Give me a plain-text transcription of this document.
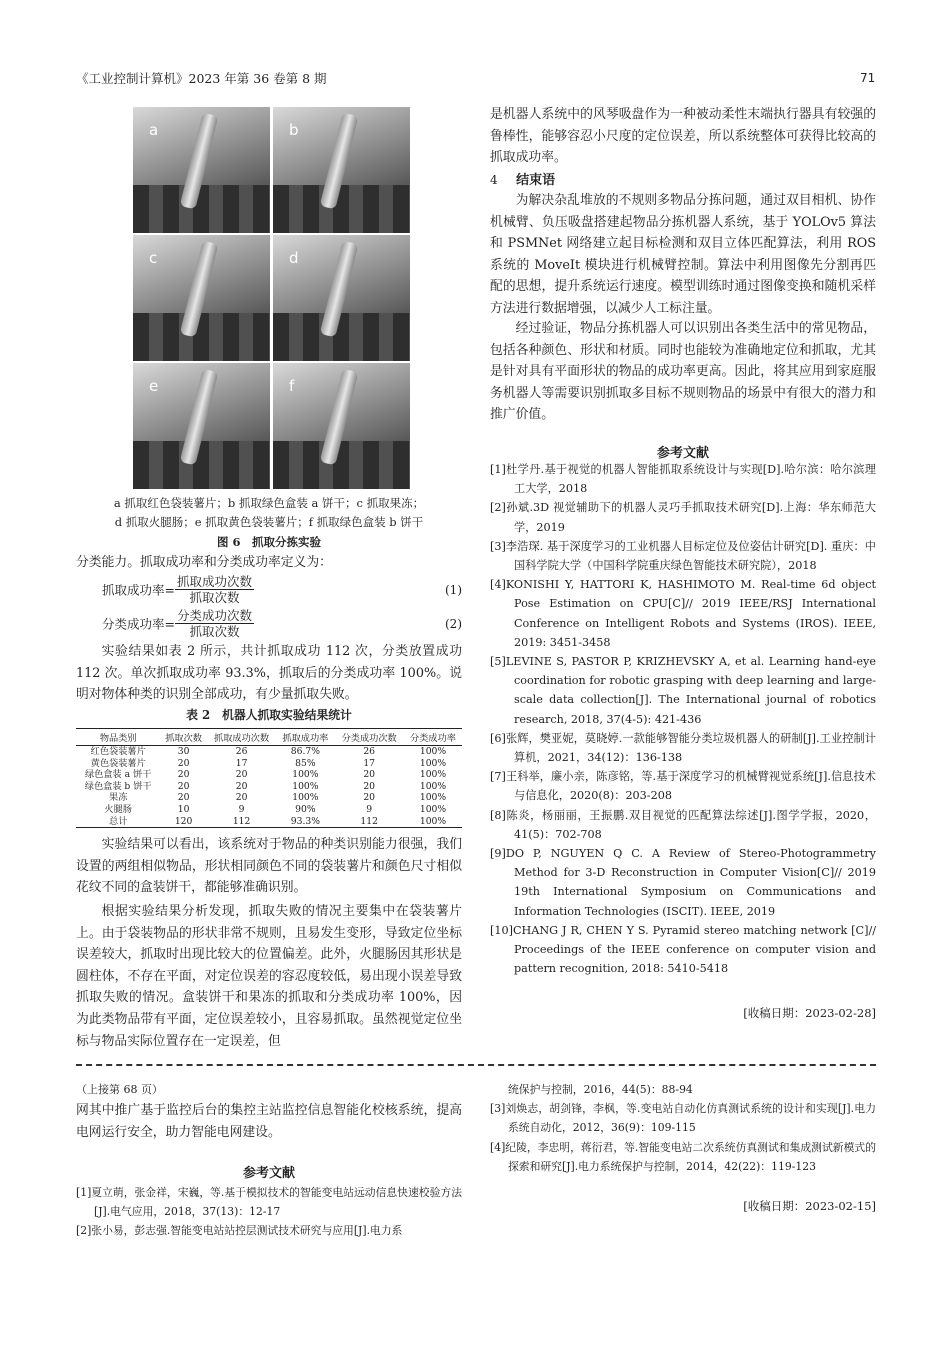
《工业控制计算机》2023 年第 36 卷第 8 期	71
a	b
c	d
e	f
a 抓取红色袋装薯片；b 抓取绿色盒装 a 饼干；c 抓取果冻；
d 抓取火腿肠；e 抓取黄色袋装薯片；f 抓取绿色盒装 b 饼干
图 6　抓取分拣实验
分类能力。抓取成功率和分类成功率定义为：
抓取成功率= $\frac{\text{抓取成功次数}}{\text{抓取次数}}$	(1)
分类成功率= $\frac{\text{分类成功次数}}{\text{抓取次数}}$	(2)
实验结果如表 2 所示，共计抓取成功 112 次，分类放置成功 112 次。单次抓取成功率 93.3%，抓取后的分类成功率 100%。说明对物体种类的识别全部成功，有少量抓取失败。
表 2　机器人抓取实验结果统计
物品类别	抓取次数	抓取成功次数	抓取成功率	分类成功次数	分类成功率
红色袋装薯片	30	26	86.7%	26	100%
黄色袋装薯片	20	17	85%	17	100%
绿色盒装 a 饼干	20	20	100%	20	100%
绿色盒装 b 饼干	20	20	100%	20	100%
果冻	20	20	100%	20	100%
火腿肠	10	9	90%	9	100%
总计	120	112	93.3%	112	100%
实验结果可以看出，该系统对于物品的种类识别能力很强，我们设置的两组相似物品，形状相同颜色不同的袋装薯片和颜色尺寸相似花纹不同的盒装饼干，都能够准确识别。
根据实验结果分析发现，抓取失败的情况主要集中在袋装薯片上。由于袋装物品的形状非常不规则，且易发生变形，导致定位坐标误差较大，抓取时出现比较大的位置偏差。此外，火腿肠因其形状是圆柱体，不存在平面，对定位误差的容忍度较低，易出现小误差导致抓取失败的情况。盒装饼干和果冻的抓取和分类成功率 100%，因为此类物品带有平面，定位误差较小，且容易抓取。虽然视觉定位坐标与物品实际位置存在一定误差，但
是机器人系统中的风琴吸盘作为一种被动柔性末端执行器具有较强的鲁棒性，能够容忍小尺度的定位误差，所以系统整体可获得比较高的抓取成功率。
4 结束语
为解决杂乱堆放的不规则多物品分拣问题，通过双目相机、协作机械臂、负压吸盘搭建起物品分拣机器人系统，基于 YOLOv5 算法和 PSMNet 网络建立起目标检测和双目立体匹配算法，利用 ROS 系统的 MoveIt 模块进行机械臂控制。算法中利用图像先分割再匹配的思想，提升系统运行速度。模型训练时通过图像变换和随机采样方法进行数据增强，以减少人工标注量。
经过验证，物品分拣机器人可以识别出各类生活中的常见物品，包括各种颜色、形状和材质。同时也能较为准确地定位和抓取，尤其是针对具有平面形状的物品的成功率更高。因此，将其应用到家庭服务机器人等需要识别抓取多目标不规则物品的场景中有很大的潜力和推广价值。
参考文献
[1]杜学丹.基于视觉的机器人智能抓取系统设计与实现[D].哈尔滨：哈尔滨理工大学，2018
[2]孙斌.3D 视觉辅助下的机器人灵巧手抓取技术研究[D].上海：华东师范大学，2019
[3]李浩琛. 基于深度学习的工业机器人目标定位及位姿估计研究[D]. 重庆：中国科学院大学（中国科学院重庆绿色智能技术研究院），2018
[4]KONISHI Y, HATTORI K, HASHIMOTO M. Real-time 6d object Pose Estimation on CPU[C]// 2019 IEEE/RSJ International Conference on Intelligent Robots and Systems (IROS). IEEE, 2019: 3451-3458
[5]LEVINE S, PASTOR P, KRIZHEVSKY A, et al. Learning hand-eye coordination for robotic grasping with deep learning and large-scale data collection[J]. The International journal of robotics research, 2018, 37(4-5): 421-436
[6]张辉，樊亚妮，莫晓婷.一款能够智能分类垃圾机器人的研制[J].工业控制计算机，2021，34(12)：136-138
[7]王科举，廉小亲，陈彦铭，等.基于深度学习的机械臂视觉系统[J].信息技术与信息化，2020(8)：203-208
[8]陈炎，杨丽丽，王振鹏.双目视觉的匹配算法综述[J].图学学报，2020，41(5)：702-708
[9]DO P, NGUYEN Q C. A Review of Stereo-Photogrammetry Method for 3-D Reconstruction in Computer Vision[C]// 2019 19th International Symposium on Communications and Information Technologies (ISCIT). IEEE, 2019
[10]CHANG J R, CHEN Y S. Pyramid stereo matching network [C]// Proceedings of the IEEE conference on computer vision and pattern recognition, 2018: 5410-5418
[收稿日期：2023-02-28]
（上接第 68 页）
网其中推广基于监控后台的集控主站监控信息智能化校核系统，提高电网运行安全，助力智能电网建设。
参考文献
[1]夏立萌，张金祥，宋巍，等.基于模拟技术的智能变电站远动信息快速校验方法[J].电气应用，2018，37(13)：12-17
[2]张小易，彭志强.智能变电站站控层测试技术研究与应用[J].电力系
统保护与控制，2016，44(5)：88-94
[3]刘焕志，胡剑锋，李枫，等.变电站自动化仿真测试系统的设计和实现[J].电力系统自动化，2012，36(9)：109-115
[4]纪陵，李忠明，蒋衍君，等.智能变电站二次系统仿真测试和集成测试新模式的探索和研究[J].电力系统保护与控制，2014，42(22)：119-123
[收稿日期：2023-02-15]
